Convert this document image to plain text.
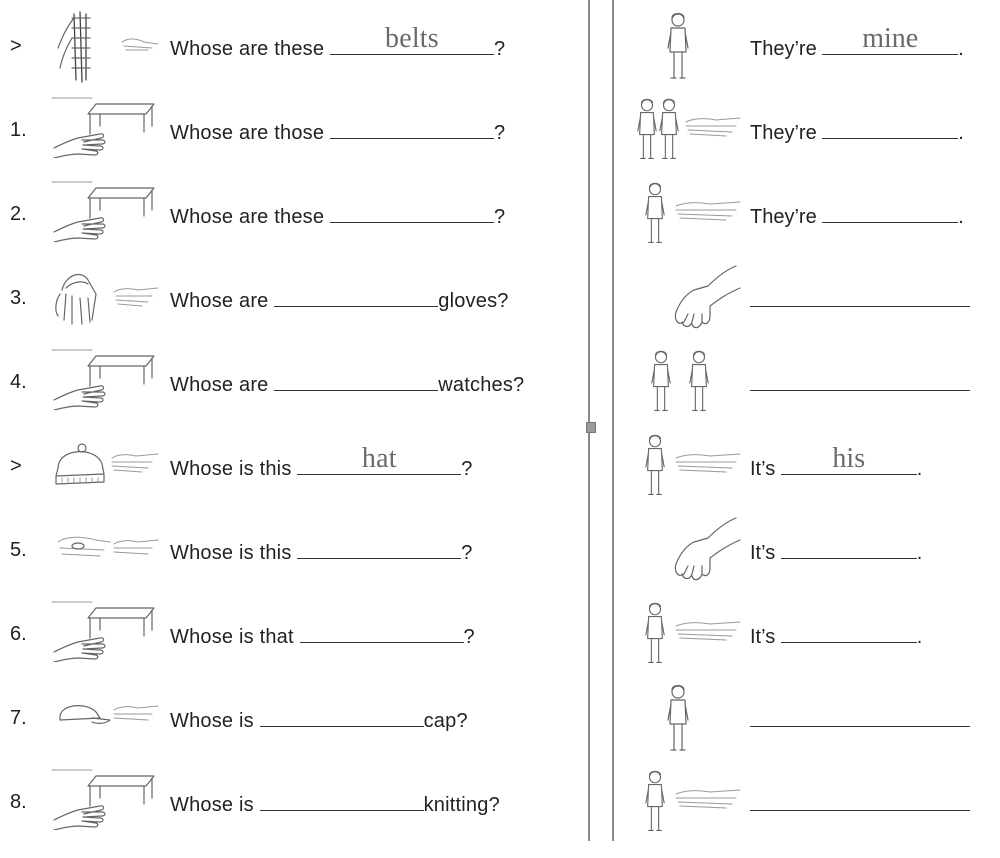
>	Whose are these	belts	?	They’re	mine	.
1.	Whose are those	?	They’re	.
2.	Whose are these	?	They’re	.
3.	Whose are	gloves?
4.	Whose are	watches?
>	Whose is this	hat	?	It’s	his	.
5.	Whose is this	?	It’s	.
6.	Whose is that	?	It’s	.
7.	Whose is	cap?
8.	Whose is	knitting?
